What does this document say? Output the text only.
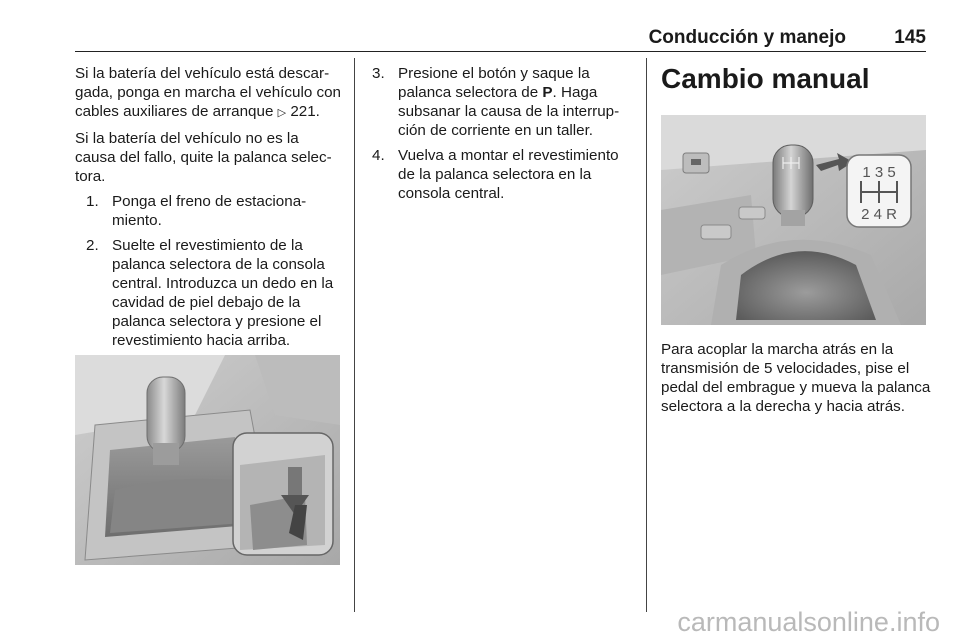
Conducción y manejo	145

Si la batería del vehículo está descargada, ponga en marcha el vehículo con cables auxiliares de arranque ▷ 221.

Si la batería del vehículo no es la causa del fallo, quite la palanca selectora.

1. Ponga el freno de estacionamiento.
2. Suelte el revestimiento de la palanca selectora de la consola central. Introduzca un dedo en la cavidad de piel debajo de la palanca selectora y presione el revestimiento hacia arriba.
3. Presione el botón y saque la palanca selectora de P. Haga subsanar la causa de la interrupción de corriente en un taller.
4. Vuelva a montar el revestimiento de la palanca selectora en la consola central.
Cambio manual

Para acoplar la marcha atrás en la transmisión de 5 velocidades, pise el pedal del embrague y mueva la palanca selectora a la derecha y hacia atrás.

1 3 5
2 4 R
carmanualsonline.info
